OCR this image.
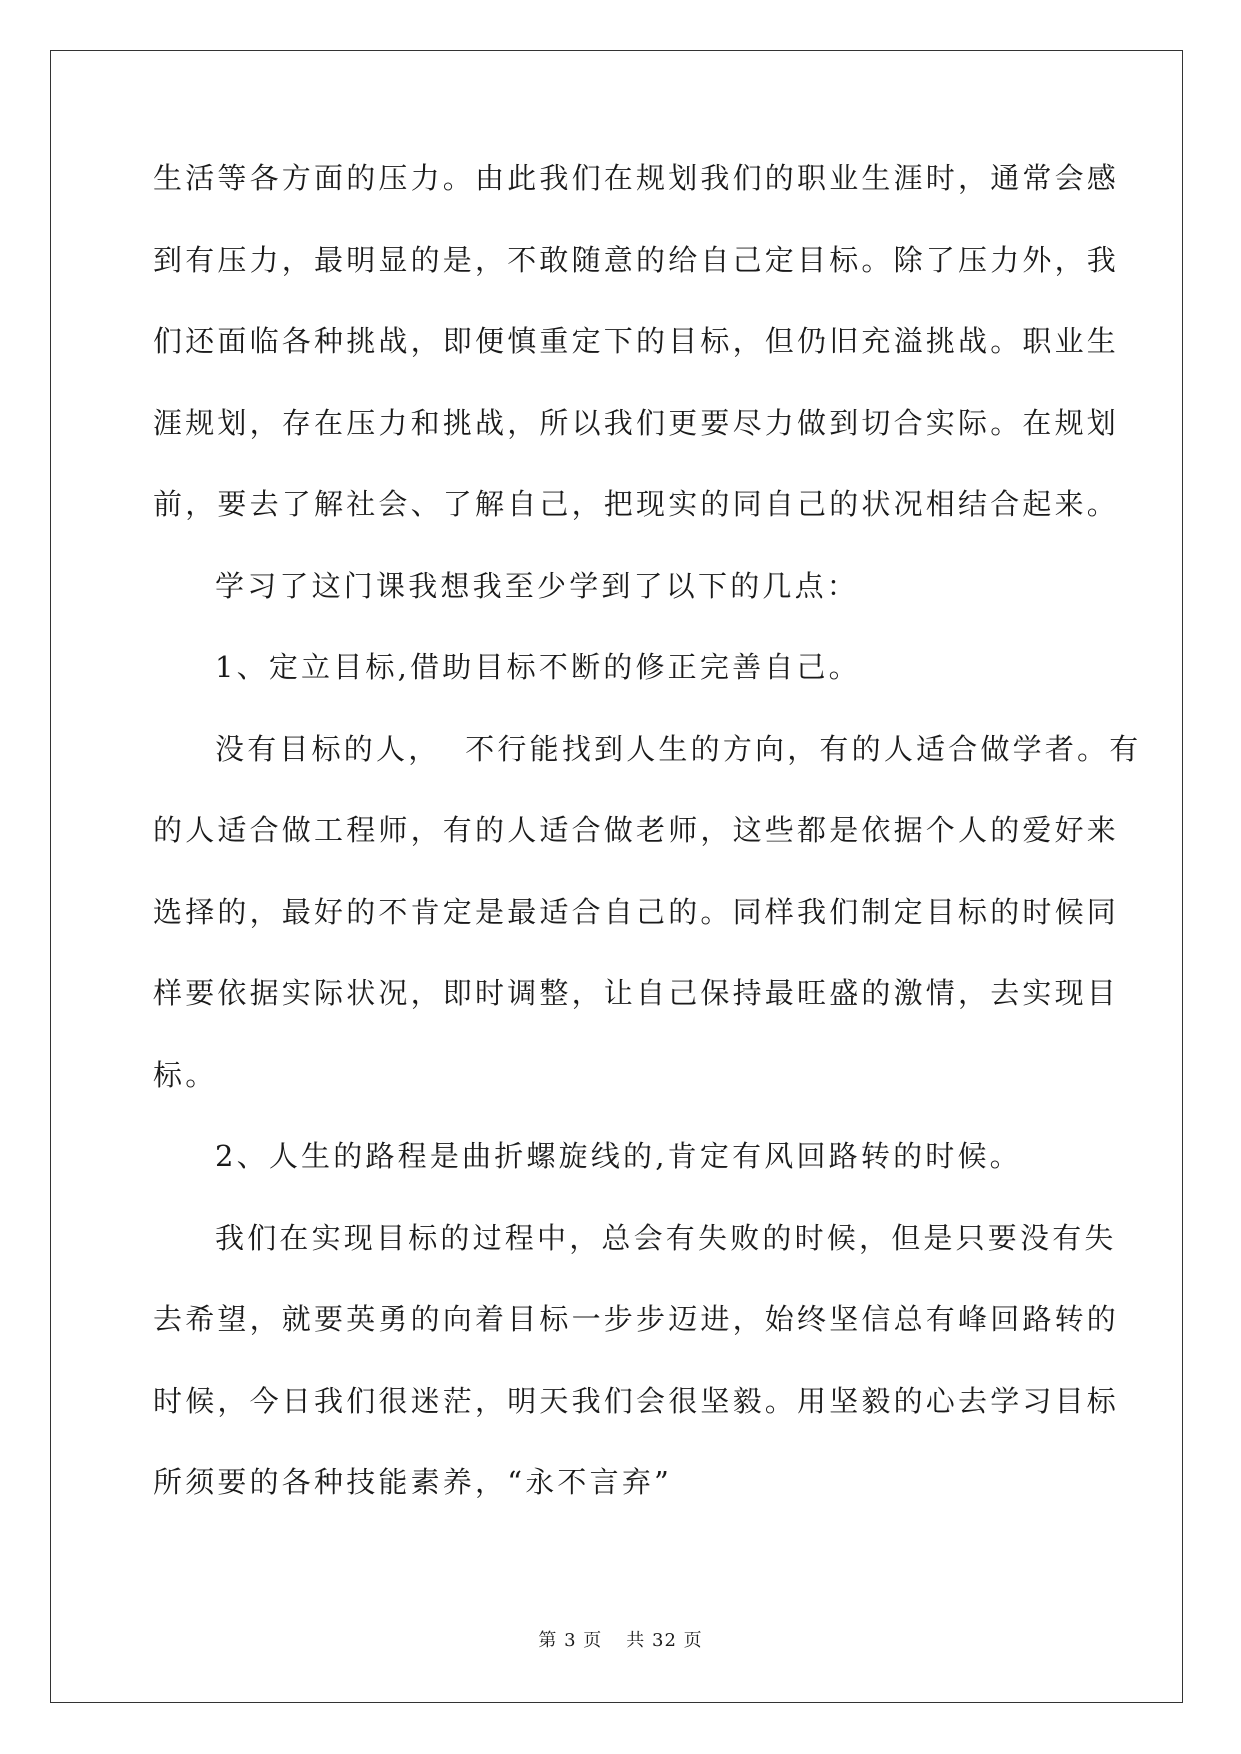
生活等各方面的压力。由此我们在规划我们的职业生涯时，通常会感
到有压力，最明显的是，不敢随意的给自己定目标。除了压力外，我
们还面临各种挑战，即便慎重定下的目标，但仍旧充溢挑战。职业生
涯规划，存在压力和挑战，所以我们更要尽力做到切合实际。在规划
前，要去了解社会、了解自己，把现实的同自己的状况相结合起来。
学习了这门课我想我至少学到了以下的几点：
1、定立目标,借助目标不断的修正完善自己。
没有目标的人，  不行能找到人生的方向，有的人适合做学者。有
的人适合做工程师，有的人适合做老师，这些都是依据个人的爱好来
选择的，最好的不肯定是最适合自己的。同样我们制定目标的时候同
样要依据实际状况，即时调整，让自己保持最旺盛的激情，去实现目
标。
2、人生的路程是曲折螺旋线的,肯定有风回路转的时候。
我们在实现目标的过程中，总会有失败的时候，但是只要没有失
去希望，就要英勇的向着目标一步步迈进，始终坚信总有峰回路转的
时候，今日我们很迷茫，明天我们会很坚毅。用坚毅的心去学习目标
所须要的各种技能素养，“永不言弃”
第 3 页 共 32 页
